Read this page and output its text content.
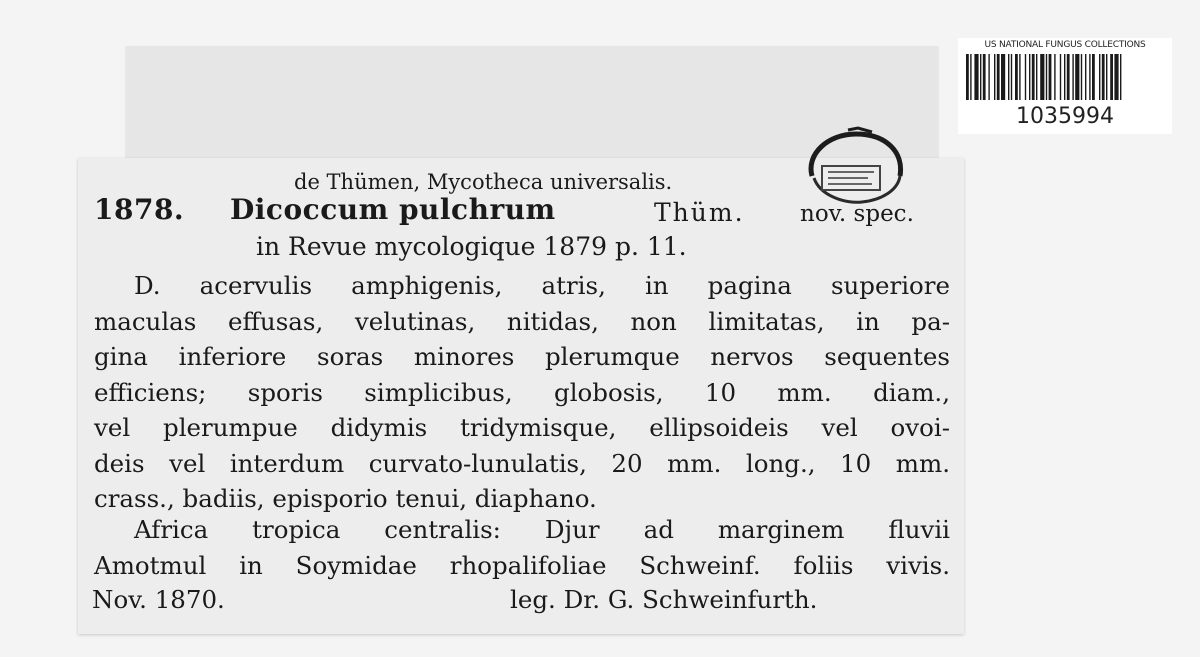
US NATIONAL FUNGUS COLLECTIONS
1035994
de Thümen, Mycotheca universalis.
1878. Dicoccum pulchrum	Thüm. nov. spec.
in Revue mycologique 1879 p. 11.
D. acervulis amphigenis, atris, in pagina superiore
maculas effusas, velutinas, nitidas, non limitatas, in pa-
gina inferiore soras minores plerumque nervos sequentes
efficiens; sporis simplicibus, globosis, 10 mm. diam.,
vel plerumpue didymis tridymisque, ellipsoideis vel ovoi-
deis vel interdum curvato-lunulatis, 20 mm. long., 10 mm.
crass., badiis, episporio tenui, diaphano.
Africa tropica centralis: Djur ad marginem fluvii
Amotmul in Soymidae rhopalifoliae Schweinf. foliis vivis.
Nov. 1870.	leg. Dr. G. Schweinfurth.
